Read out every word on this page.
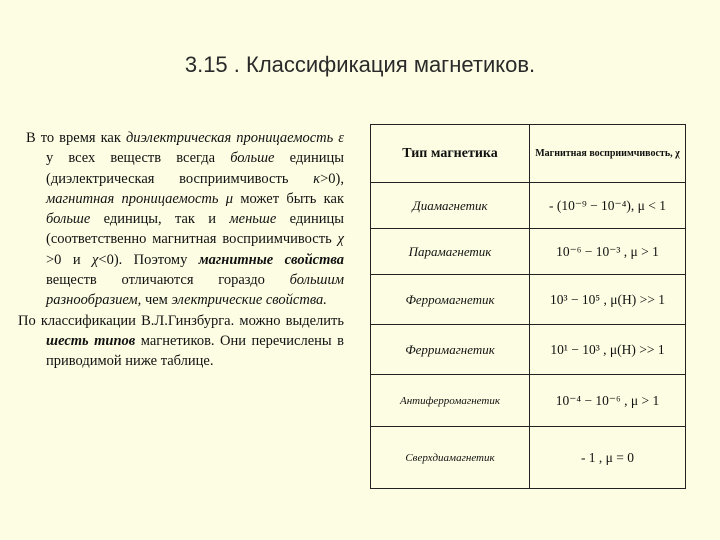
3.15 . Классификация магнетиков.

В то время как диэлектрическая проницаемость ε у всех веществ всегда больше единицы (диэлектрическая восприимчивость κ>0), магнитная проницаемость μ может быть как больше единицы, так и меньше единицы (соответственно магнитная восприимчивость χ >0 и χ<0). Поэтому магнитные свойства веществ отличаются гораздо большим разнообразием, чем электрические свойства.

По классификации В.Л.Гинзбурга. можно выделить шесть типов магнетиков. Они перечислены в приводимой ниже таблице.

Тип магнетика	Магнитная восприимчивость, χ
Диамагнетик	- (10⁻⁹ − 10⁻⁴), μ < 1
Парамагнетик	10⁻⁶ − 10⁻³ , μ > 1
Ферромагнетик	10³ − 10⁵ , μ(H) >> 1
Ферримагнетик	10¹ − 10³ , μ(H) >> 1
Антиферромагнетик	10⁻⁴ − 10⁻⁶ , μ > 1
Сверхдиамагнетик	- 1 , μ = 0
